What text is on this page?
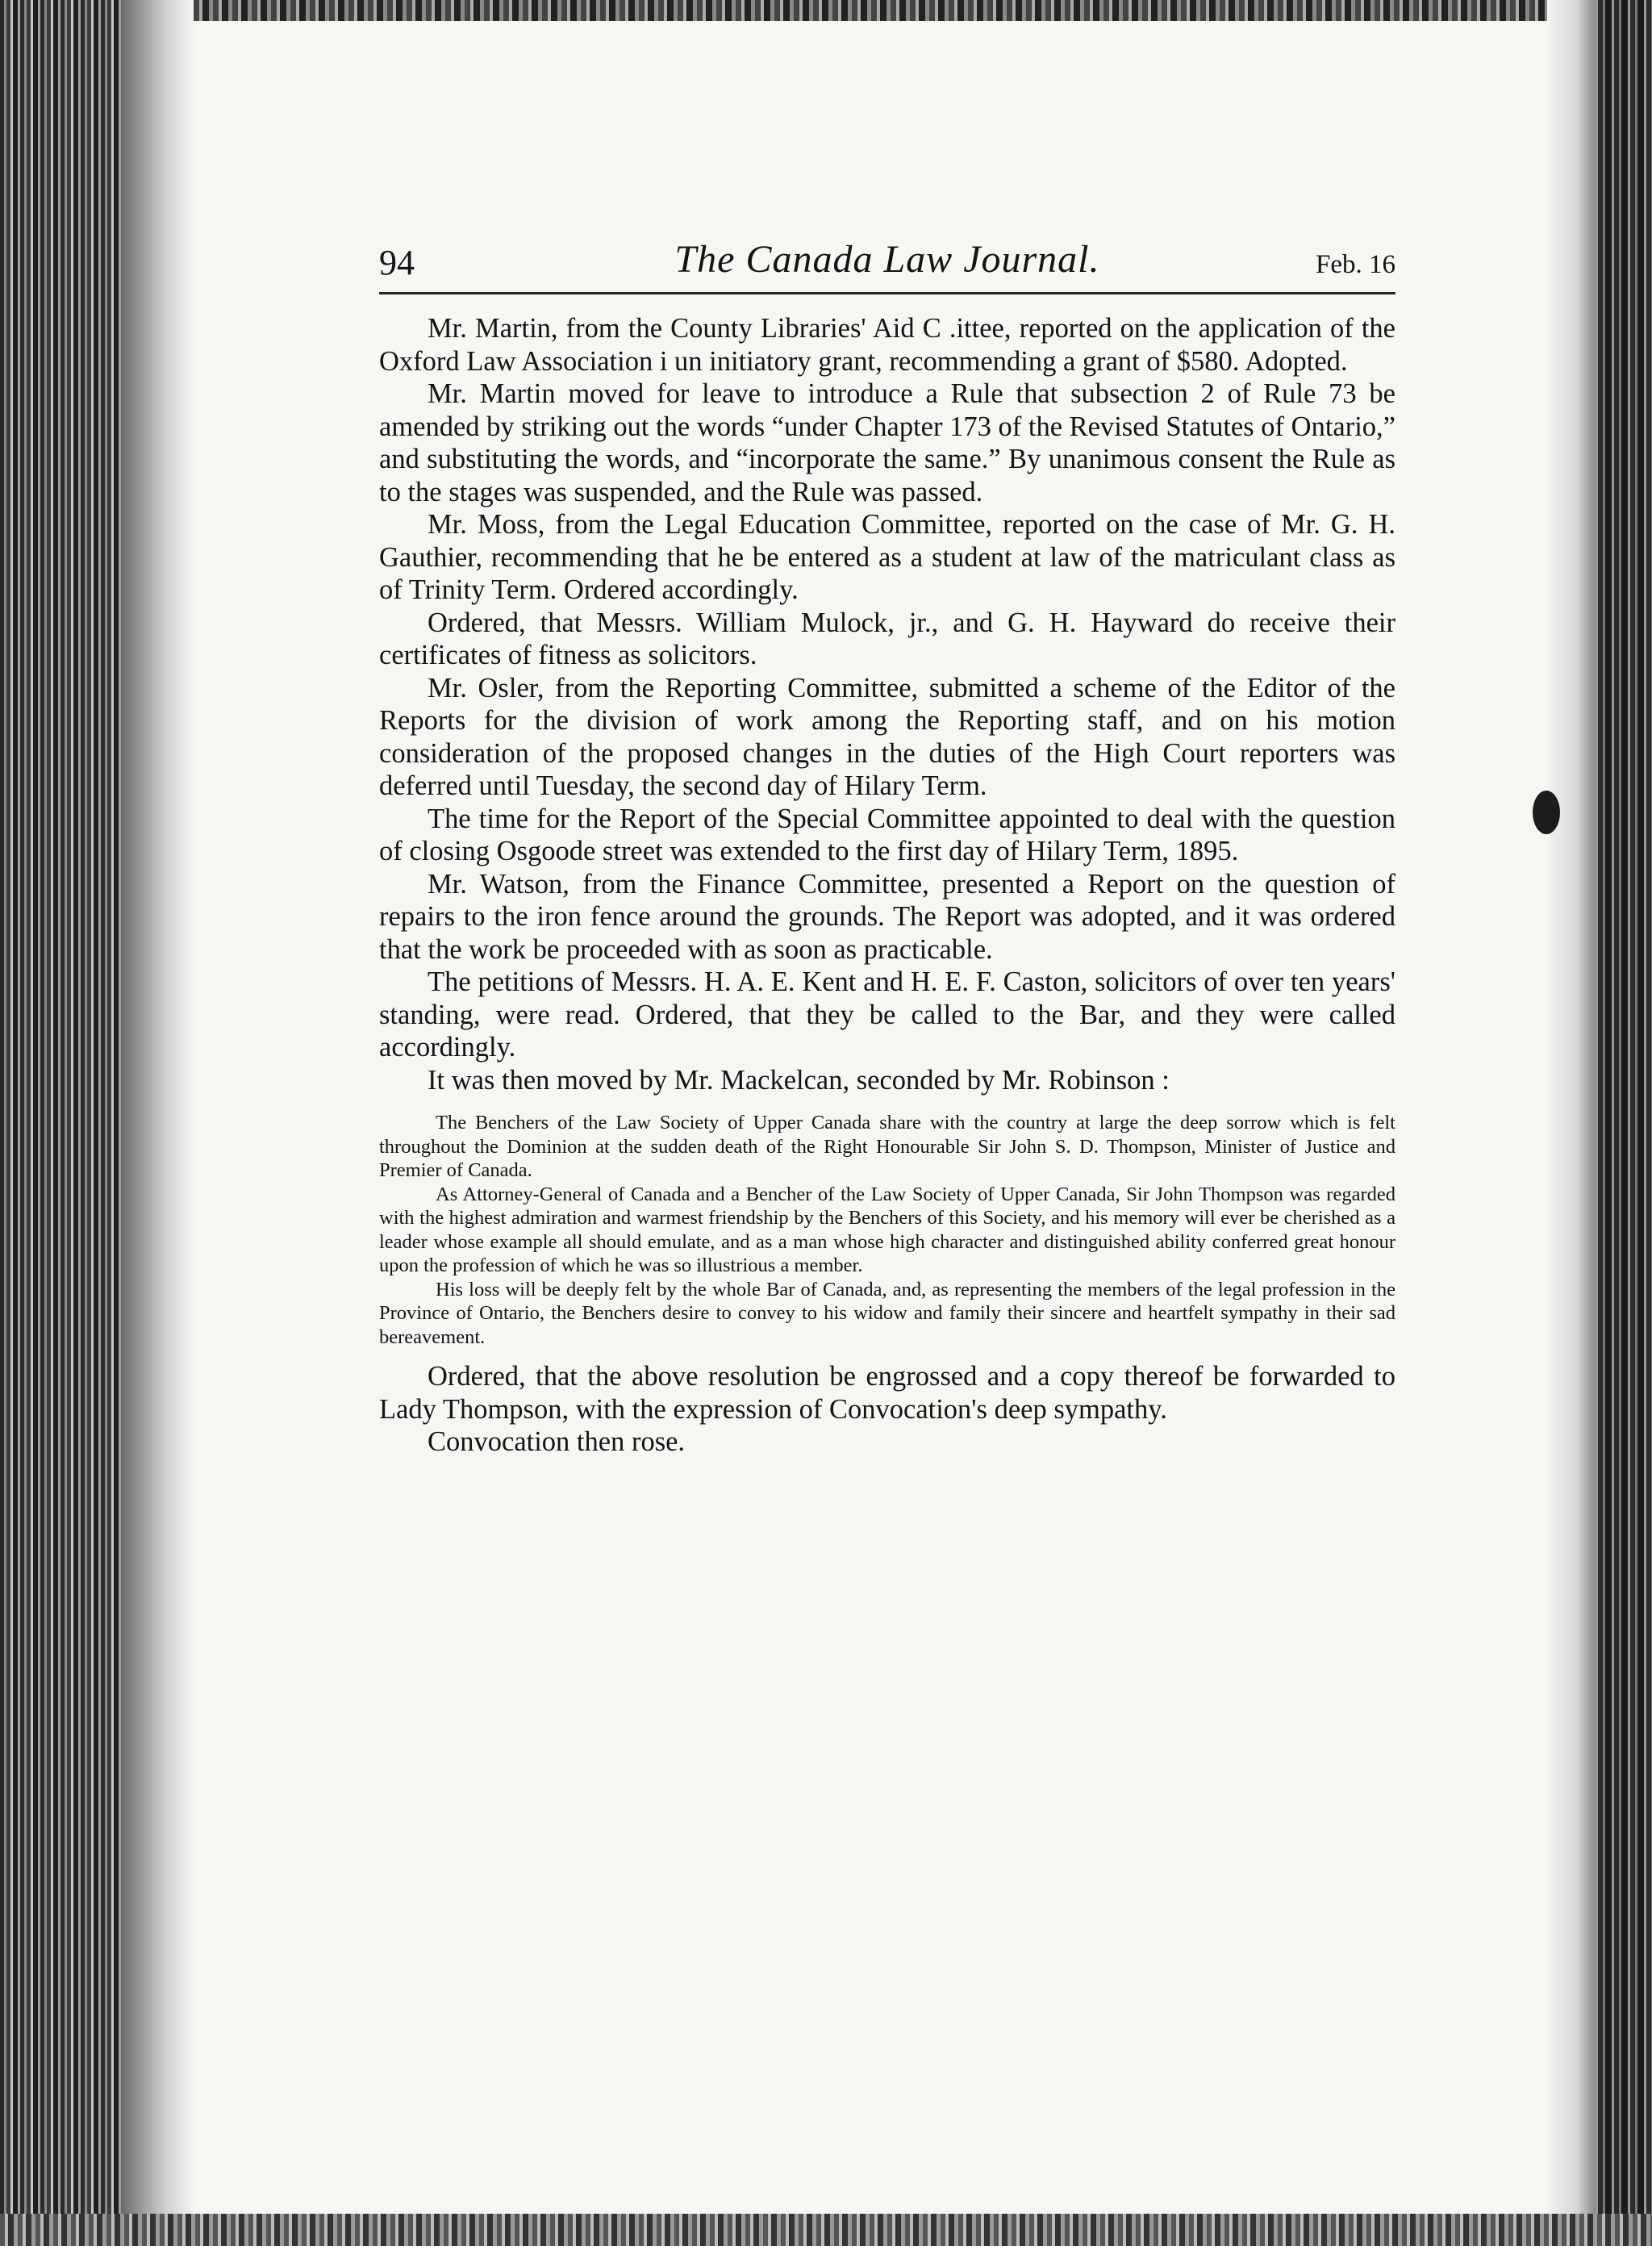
94	The Canada Law Journal.	Feb. 16

Mr. Martin, from the County Libraries' Aid C .ittee, reported on the application of the Oxford Law Association i un initiatory grant, recommending a grant of $580. Adopted.

Mr. Martin moved for leave to introduce a Rule that subsection 2 of Rule 73 be amended by striking out the words “under Chapter 173 of the Revised Statutes of Ontario,” and substituting the words, and “incorporate the same.” By unanimous consent the Rule as to the stages was suspended, and the Rule was passed.

Mr. Moss, from the Legal Education Committee, reported on the case of Mr. G. H. Gauthier, recommending that he be entered as a student at law of the matriculant class as of Trinity Term. Ordered accordingly.

Ordered, that Messrs. William Mulock, jr., and G. H. Hayward do receive their certificates of fitness as solicitors.

Mr. Osler, from the Reporting Committee, submitted a scheme of the Editor of the Reports for the division of work among the Reporting staff, and on his motion consideration of the proposed changes in the duties of the High Court reporters was deferred until Tuesday, the second day of Hilary Term.

The time for the Report of the Special Committee appointed to deal with the question of closing Osgoode street was extended to the first day of Hilary Term, 1895.

Mr. Watson, from the Finance Committee, presented a Report on the question of repairs to the iron fence around the grounds. The Report was adopted, and it was ordered that the work be proceeded with as soon as practicable.

The petitions of Messrs. H. A. E. Kent and H. E. F. Caston, solicitors of over ten years' standing, were read. Ordered, that they be called to the Bar, and they were called accordingly.

It was then moved by Mr. Mackelcan, seconded by Mr. Robinson :

The Benchers of the Law Society of Upper Canada share with the country at large the deep sorrow which is felt throughout the Dominion at the sudden death of the Right Honourable Sir John S. D. Thompson, Minister of Justice and Premier of Canada.

As Attorney-General of Canada and a Bencher of the Law Society of Upper Canada, Sir John Thompson was regarded with the highest admiration and warmest friendship by the Benchers of this Society, and his memory will ever be cherished as a leader whose example all should emulate, and as a man whose high character and distinguished ability conferred great honour upon the profession of which he was so illustrious a member.

His loss will be deeply felt by the whole Bar of Canada, and, as representing the members of the legal profession in the Province of Ontario, the Benchers desire to convey to his widow and family their sincere and heartfelt sympathy in their sad bereavement.

Ordered, that the above resolution be engrossed and a copy thereof be forwarded to Lady Thompson, with the expression of Convocation's deep sympathy.

Convocation then rose.
